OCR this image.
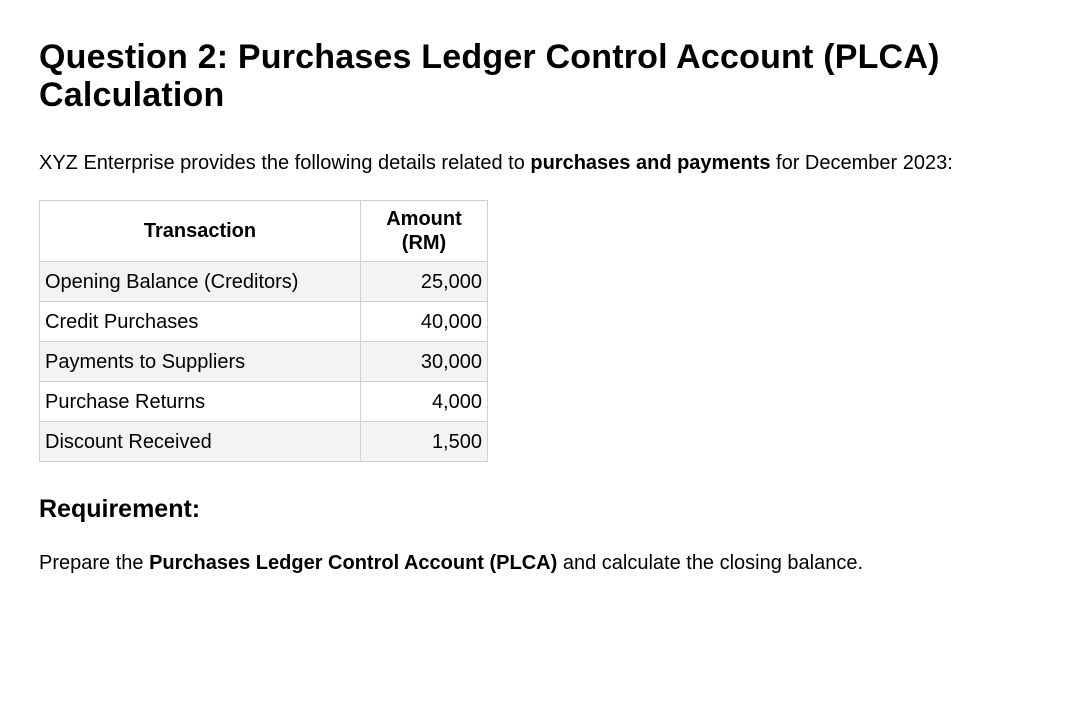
Question 2: Purchases Ledger Control Account (PLCA) Calculation

XYZ Enterprise provides the following details related to purchases and payments for December 2023:

Transaction	Amount (RM)
Opening Balance (Creditors)	25,000
Credit Purchases	40,000
Payments to Suppliers	30,000
Purchase Returns	4,000
Discount Received	1,500
Requirement:

Prepare the Purchases Ledger Control Account (PLCA) and calculate the closing balance.
